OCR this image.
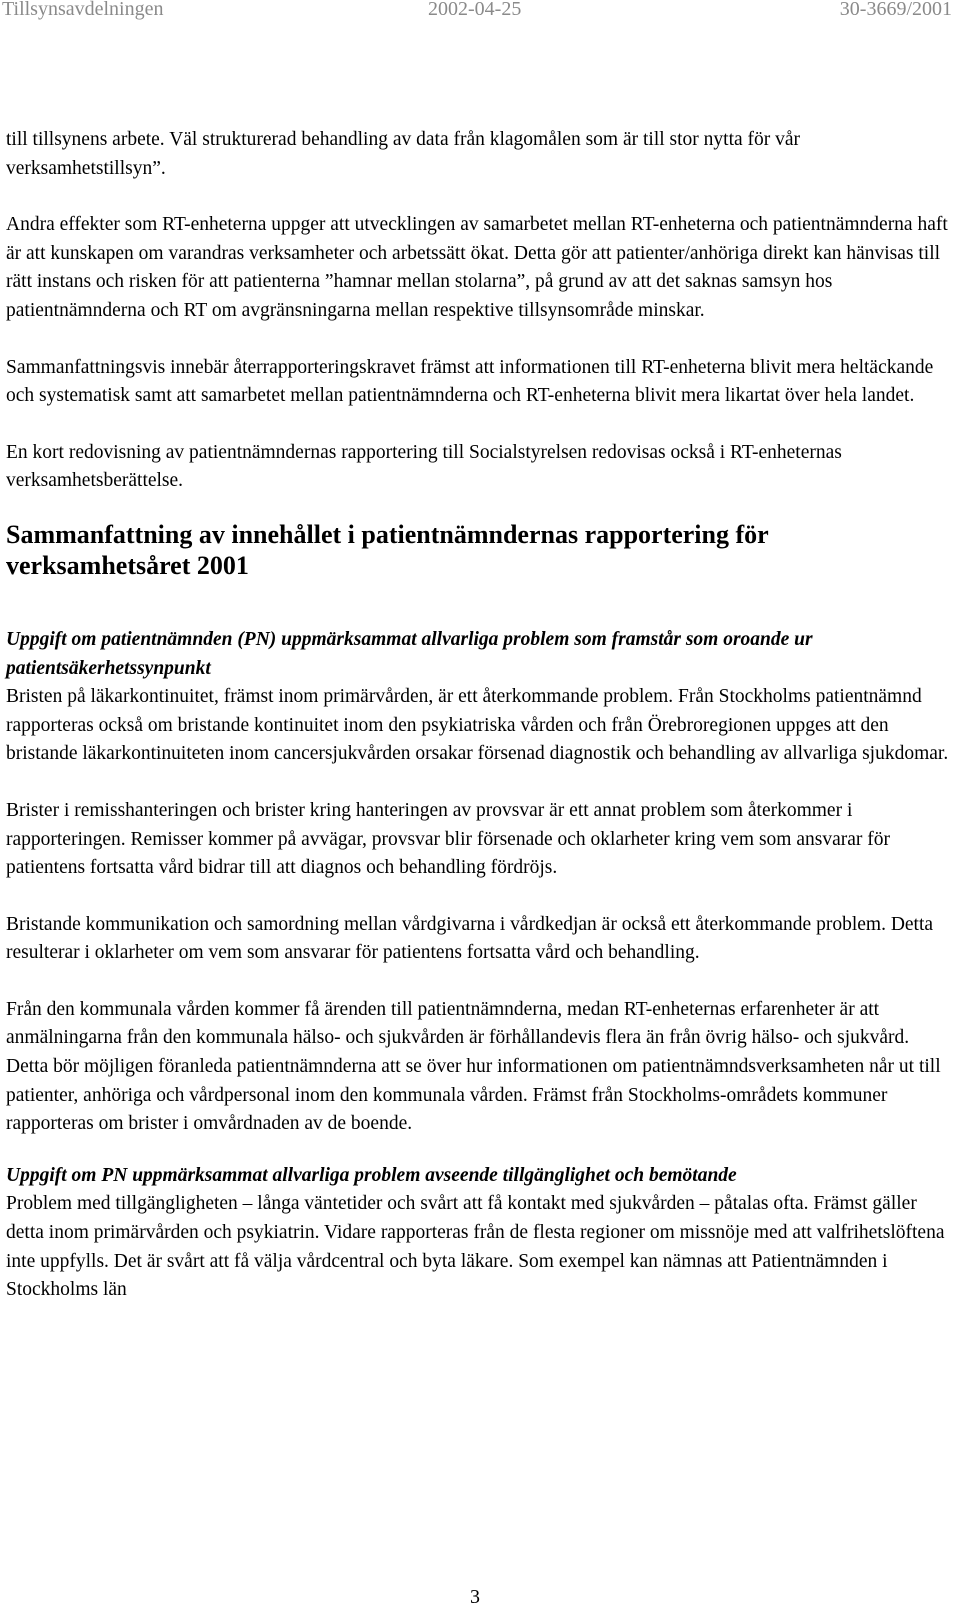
Tillsynsavdelningen	2002-04-25	30-3669/2001

till tillsynens arbete. Väl strukturerad behandling av data från klagomålen som är till stor nytta för vår verksamhetstillsyn”.

Andra effekter som RT-enheterna uppger att utvecklingen av samarbetet mellan RT-enheterna och patientnämnderna haft är att kunskapen om varandras verksamheter och arbetssätt ökat. Detta gör att patienter/anhöriga direkt kan hänvisas till rätt instans och risken för att patienterna ”hamnar mellan stolarna”, på grund av att det saknas samsyn hos patientnämnderna och RT om avgränsningarna mellan respektive tillsynsområde minskar.

Sammanfattningsvis innebär återrapporteringskravet främst att informationen till RT-enheterna blivit mera heltäckande och systematisk samt att samarbetet mellan patientnämnderna och RT-enheterna blivit mera likartat över hela landet.

En kort redovisning av patientnämndernas rapportering till Socialstyrelsen redovisas också i RT-enheternas verksamhetsberättelse.

Sammanfattning av innehållet i patientnämndernas rapportering för verksamhetsåret 2001
Uppgift om patientnämnden (PN) uppmärksammat allvarliga problem som framstår som oroande ur patientsäkerhetssynpunkt

Bristen på läkarkontinuitet, främst inom primärvården, är ett återkommande problem. Från Stockholms patientnämnd rapporteras också om bristande kontinuitet inom den psykiatriska vården och från Örebroregionen uppges att den bristande läkarkontinuiteten inom cancersjukvården orsakar försenad diagnostik och behandling av allvarliga sjukdomar.

Brister i remisshanteringen och brister kring hanteringen av provsvar är ett annat problem som återkommer i rapporteringen. Remisser kommer på avvägar, provsvar blir försenade och oklarheter kring vem som ansvarar för patientens fortsatta vård bidrar till att diagnos och behandling fördröjs.

Bristande kommunikation och samordning mellan vårdgivarna i vårdkedjan är också ett återkommande problem. Detta resulterar i oklarheter om vem som ansvarar för patientens fortsatta vård och behandling.

Från den kommunala vården kommer få ärenden till patientnämnderna, medan RT-enheternas erfarenheter är att anmälningarna från den kommunala hälso- och sjukvården är förhållandevis flera än från övrig hälso- och sjukvård. Detta bör möjligen föranleda patientnämnderna att se över hur informationen om patientnämndsverksamheten når ut till patienter, anhöriga och vårdpersonal inom den kommunala vården. Främst från Stockholms-områdets kommuner rapporteras om brister i omvårdnaden av de boende.

Uppgift om PN uppmärksammat allvarliga problem avseende tillgänglighet och bemötande

Problem med tillgängligheten – långa väntetider och svårt att få kontakt med sjukvården – påtalas ofta. Främst gäller detta inom primärvården och psykiatrin. Vidare rapporteras från de flesta regioner om missnöje med att valfrihetslöftena inte uppfylls. Det är svårt att få välja vårdcentral och byta läkare. Som exempel kan nämnas att Patientnämnden i Stockholms län

3
